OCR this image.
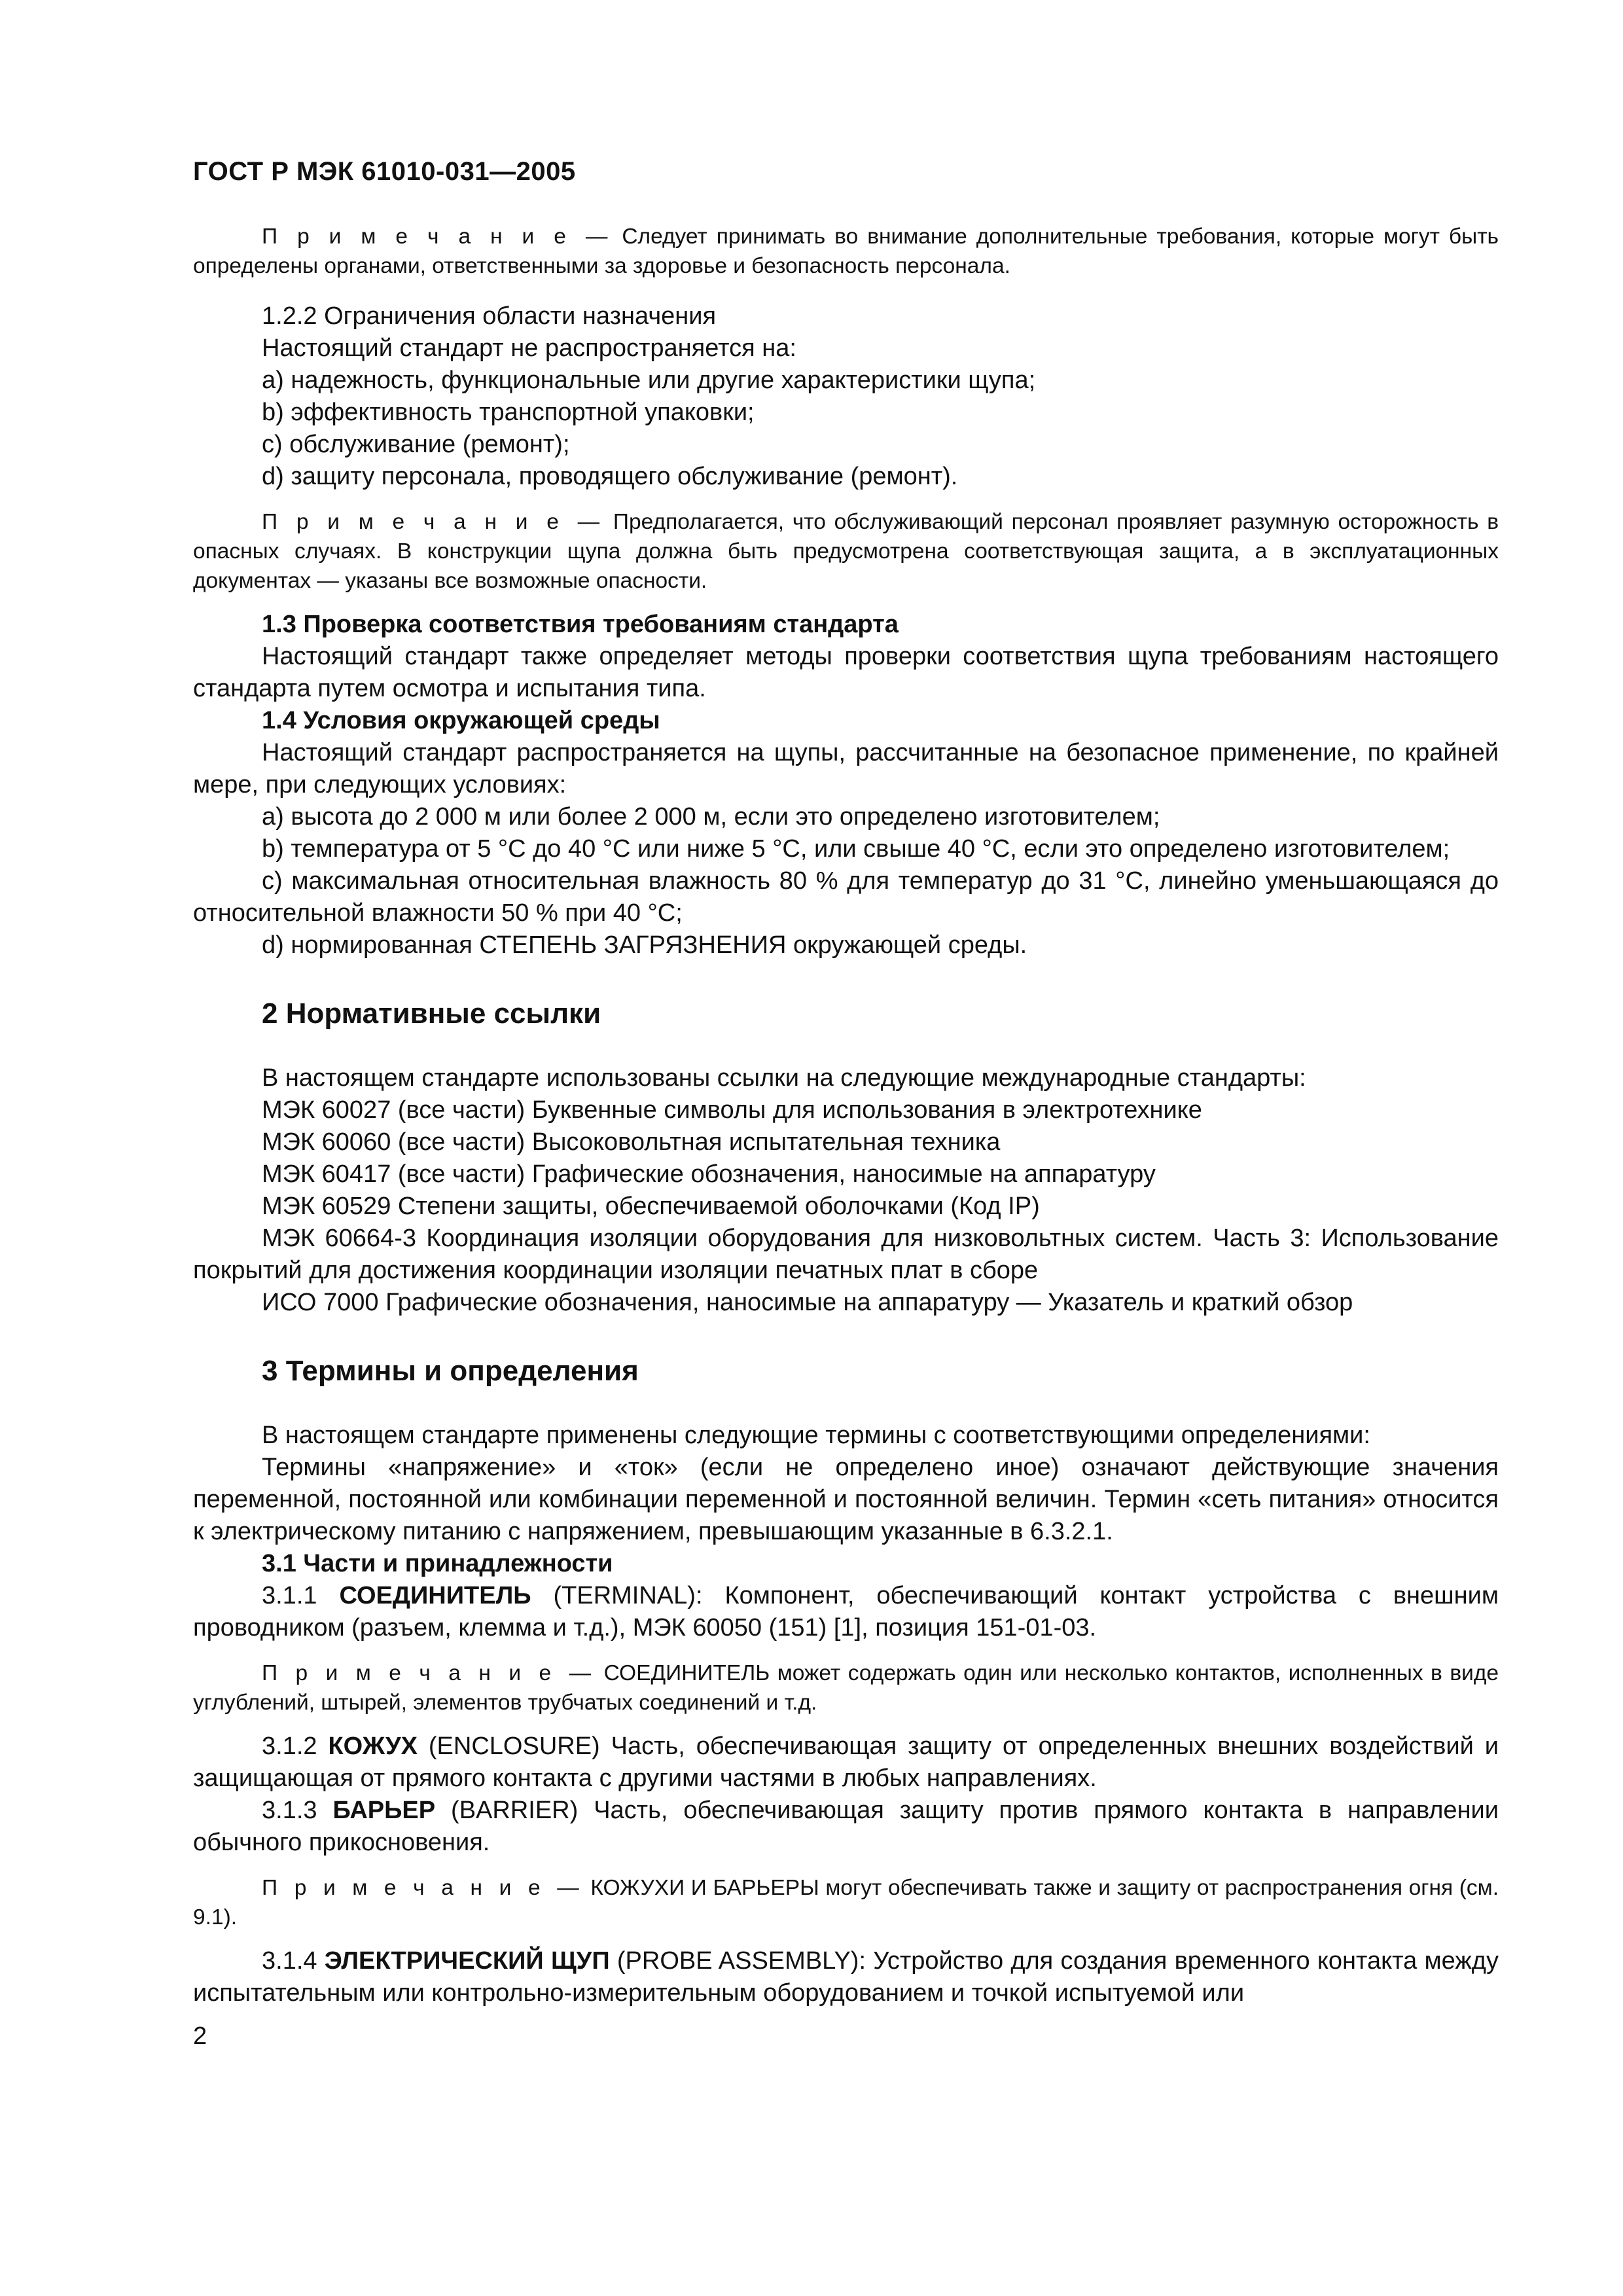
ГОСТ Р МЭК 61010-031—2005

П р и м е ч а н и е — Следует принимать во внимание дополнительные требования, которые могут быть определены органами, ответственными за здоровье и безопасность персонала.

1.2.2 Ограничения области назначения

Настоящий стандарт не распространяется на:

a) надежность, функциональные или другие характеристики щупа;

b) эффективность транспортной упаковки;

c) обслуживание (ремонт);

d) защиту персонала, проводящего обслуживание (ремонт).

П р и м е ч а н и е — Предполагается, что обслуживающий персонал проявляет разумную осторожность в опасных случаях. В конструкции щупа должна быть предусмотрена соответствующая защита, а в эксплуатационных документах — указаны все возможные опасности.

1.3 Проверка соответствия требованиям стандарта

Настоящий стандарт также определяет методы проверки соответствия щупа требованиям настоящего стандарта путем осмотра и испытания типа.

1.4 Условия окружающей среды

Настоящий стандарт распространяется на щупы, рассчитанные на безопасное применение, по крайней мере, при следующих условиях:

a) высота до 2 000 м или более 2 000 м, если это определено изготовителем;

b) температура от 5 °С до 40 °С или ниже 5 °С, или свыше 40 °С, если это определено изготовителем;

c) максимальная относительная влажность 80 % для температур до 31 °С, линейно уменьшающаяся до относительной влажности 50 % при 40 °С;

d) нормированная СТЕПЕНЬ ЗАГРЯЗНЕНИЯ окружающей среды.

2 Нормативные ссылки

В настоящем стандарте использованы ссылки на следующие международные стандарты:

МЭК 60027 (все части) Буквенные символы для использования в электротехнике

МЭК 60060 (все части) Высоковольтная испытательная техника

МЭК 60417 (все части) Графические обозначения, наносимые на аппаратуру

МЭК 60529 Степени защиты, обеспечиваемой оболочками (Код IP)

МЭК 60664-3 Координация изоляции оборудования для низковольтных систем. Часть 3: Использование покрытий для достижения координации изоляции печатных плат в сборе

ИСО 7000 Графические обозначения, наносимые на аппаратуру — Указатель и краткий обзор

3 Термины и определения

В настоящем стандарте применены следующие термины с соответствующими определениями:

Термины «напряжение» и «ток» (если не определено иное) означают действующие значения переменной, постоянной или комбинации переменной и постоянной величин. Термин «сеть питания» относится к электрическому питанию с напряжением, превышающим указанные в 6.3.2.1.

3.1 Части и принадлежности

3.1.1 СОЕДИНИТЕЛЬ (TERMINAL): Компонент, обеспечивающий контакт устройства с внешним проводником (разъем, клемма и т.д.), МЭК 60050 (151) [1], позиция 151-01-03.

П р и м е ч а н и е — СОЕДИНИТЕЛЬ может содержать один или несколько контактов, исполненных в виде углублений, штырей, элементов трубчатых соединений и т.д.

3.1.2 КОЖУХ (ENCLOSURE) Часть, обеспечивающая защиту от определенных внешних воздействий и защищающая от прямого контакта с другими частями в любых направлениях.

3.1.3 БАРЬЕР (BARRIER) Часть, обеспечивающая защиту против прямого контакта в направлении обычного прикосновения.

П р и м е ч а н и е — КОЖУХИ И БАРЬЕРЫ могут обеспечивать также и защиту от распространения огня (см. 9.1).

3.1.4 ЭЛЕКТРИЧЕСКИЙ ЩУП (PROBE ASSEMBLY): Устройство для создания временного контакта между испытательным или контрольно-измерительным оборудованием и точкой испытуемой или

2
